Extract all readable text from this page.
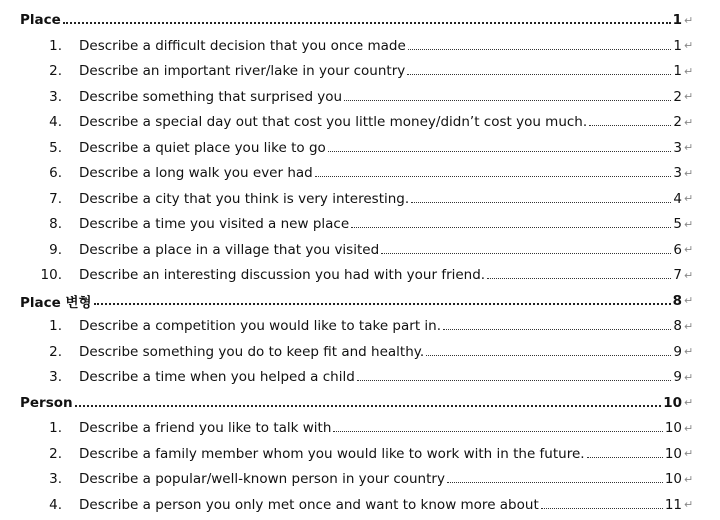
Place	1 ↵
1. Describe a difficult decision that you once made	1 ↵
2. Describe an important river/lake in your country	1 ↵
3. Describe something that surprised you	2 ↵
4. Describe a special day out that cost you little money/didn’t cost you much.	2 ↵
5. Describe a quiet place you like to go	3 ↵
6. Describe a long walk you ever had	3 ↵
7. Describe a city that you think is very interesting.	4 ↵
8. Describe a time you visited a new place	5 ↵
9. Describe a place in a village that you visited	6 ↵
10. Describe an interesting discussion you had with your friend.	7 ↵
Place 변형	8 ↵
1. Describe a competition you would like to take part in.	8 ↵
2. Describe something you do to keep fit and healthy.	9 ↵
3. Describe a time when you helped a child	9 ↵
Person	10 ↵
1. Describe a friend you like to talk with	10 ↵
2. Describe a family member whom you would like to work with in the future.	10 ↵
3. Describe a popular/well-known person in your country	10 ↵
4. Describe a person you only met once and want to know more about	11 ↵
